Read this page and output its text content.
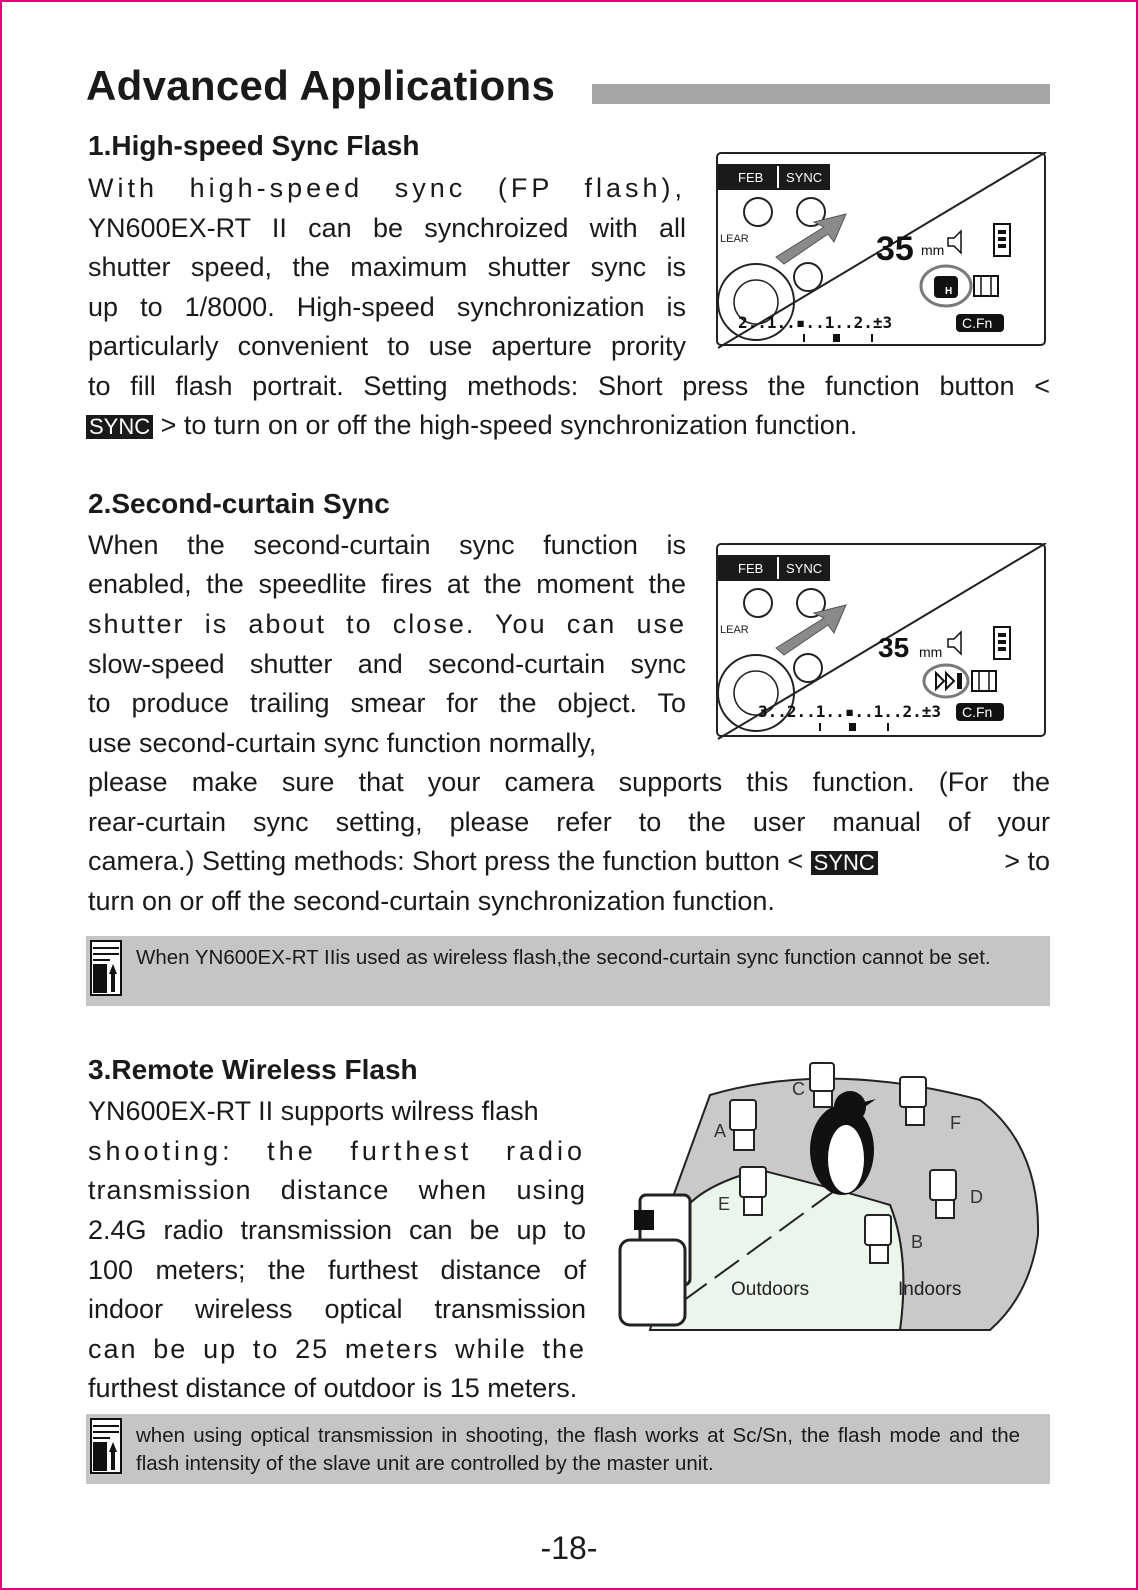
Advanced Applications
1.High-speed Sync Flash
With high-speed sync (FP flash),
YN600EX-RT II can be synchroized with all
shutter speed, the maximum shutter sync is
up to 1/8000. High-speed synchronization is
particularly convenient to use aperture prority
to fill flash portrait. Setting methods: Short press the function button <
SYNC > to turn on or off the high-speed synchronization function.
FEB SYNC
LEAR	35 mm
H
2..1..▪..1..2.±3	C.Fn
2.Second-curtain Sync
When the second-curtain sync function is
enabled, the speedlite fires at the moment the
shutter is about to close. You can use
slow-speed shutter and second-curtain sync
to produce trailing smear for the object. To
use second-curtain sync function normally,
please make sure that your camera supports this function. (For the
rear-curtain sync setting, please refer to the user manual of your
camera.) Setting methods: Short press the function button < SYNC	> to
turn on or off the second-curtain synchronization function.
FEB SYNC
LEAR
35 mm
3..2..1..▪..1..2.±3 C.Fn
When YN600EX-RT IIis used as wireless flash,the second-curtain sync function cannot be set.
3.Remote Wireless Flash
YN600EX-RT II supports wilress flash
shooting: the furthest radio
transmission distance when using
2.4G radio transmission can be up to
100 meters; the furthest distance of
indoor wireless optical transmission
can be up to 25 meters while the
furthest distance of outdoor is 15 meters.
A
B
C
D
E
F
Outdoors	Indoors
when using optical transmission in shooting, the flash works at Sc/Sn, the flash mode and the flash intensity of the slave unit are controlled by the master unit.
-18-
